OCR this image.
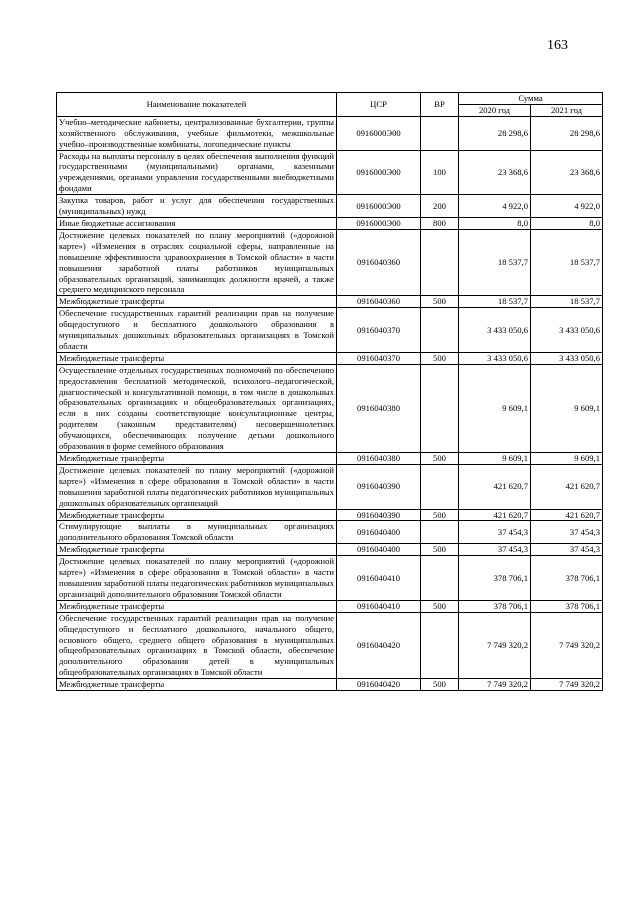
163
Наименование показателей	ЦСР	ВР	Сумма	
			2020 год	2021 год
Учебно–методические кабинеты, централизованные бухгалтерии, группы хозяйственного обслуживания, учебные фильмотеки, межшкольные учебно–производственные комбинаты, логопедические пункты	0916000Э00		28 298,6	28 298,6
Расходы на выплаты персоналу в целях обеспечения выполнения функций государственными (муниципальными) органами, казенными учреждениями, органами управления государственными внебюджетными фондами	0916000Э00	100	23 368,6	23 368,6
Закупка товаров, работ и услуг для обеспечения государственных (муниципальных) нужд	0916000Э00	200	4 922,0	4 922,0
Иные бюджетные ассигнования	0916000Э00	800	8,0	8,0
Достижение целевых показателей по плану мероприятий («дорожной карте») «Изменения в отраслях социальной сферы, направленные на повышение эффективности здравоохранения в Томской области» в части повышения заработной платы работников муниципальных образовательных организаций, занимающих должности врачей, а также среднего медицинского персонала	0916040360		18 537,7	18 537,7
Межбюджетные трансферты	0916040360	500	18 537,7	18 537,7
Обеспечение государственных гарантий реализации прав на получение общедоступного и бесплатного дошкольного образования в муниципальных дошкольных образовательных организациях в Томской области	0916040370		3 433 050,6	3 433 050,6
Межбюджетные трансферты	0916040370	500	3 433 050,6	3 433 050,6
Осуществление отдельных государственных полномочий по обеспечению предоставления бесплатной методической, психолого–педагогической, диагностической и консультативной помощи, в том числе в дошкольных образовательных организациях и общеобразовательных организациях, если в них созданы соответствующие консультационные центры, родителям (законным представителям) несовершеннолетних обучающихся, обеспечивающих получение детьми дошкольного образования в форме семейного образования	0916040380		9 609,1	9 609,1
Межбюджетные трансферты	0916040380	500	9 609,1	9 609,1
Достижение целевых показателей по плану мероприятий («дорожной карте») «Изменения в сфере образования в Томской области» в части повышения заработной платы педагогических работников муниципальных дошкольных образовательных организаций	0916040390		421 620,7	421 620,7
Межбюджетные трансферты	0916040390	500	421 620,7	421 620,7
Стимулирующие выплаты в муниципальных организациях дополнительного образования Томской области	0916040400		37 454,3	37 454,3
Межбюджетные трансферты	0916040400	500	37 454,3	37 454,3
Достижение целевых показателей по плану мероприятий («дорожной карте») «Изменения в сфере образования в Томской области» в части повышения заработной платы педагогических работников муниципальных организаций дополнительного образования Томской области	0916040410		378 706,1	378 706,1
Межбюджетные трансферты	0916040410	500	378 706,1	378 706,1
Обеспечение государственных гарантий реализации прав на получение общедоступного и бесплатного дошкольного, начального общего, основного общего, среднего общего образования в муниципальных общеобразовательных организациях в Томской области, обеспечение дополнительного образования детей в муниципальных общеобразовательных организациях в Томской области	0916040420		7 749 320,2	7 749 320,2
Межбюджетные трансферты	0916040420	500	7 749 320,2	7 749 320,2
